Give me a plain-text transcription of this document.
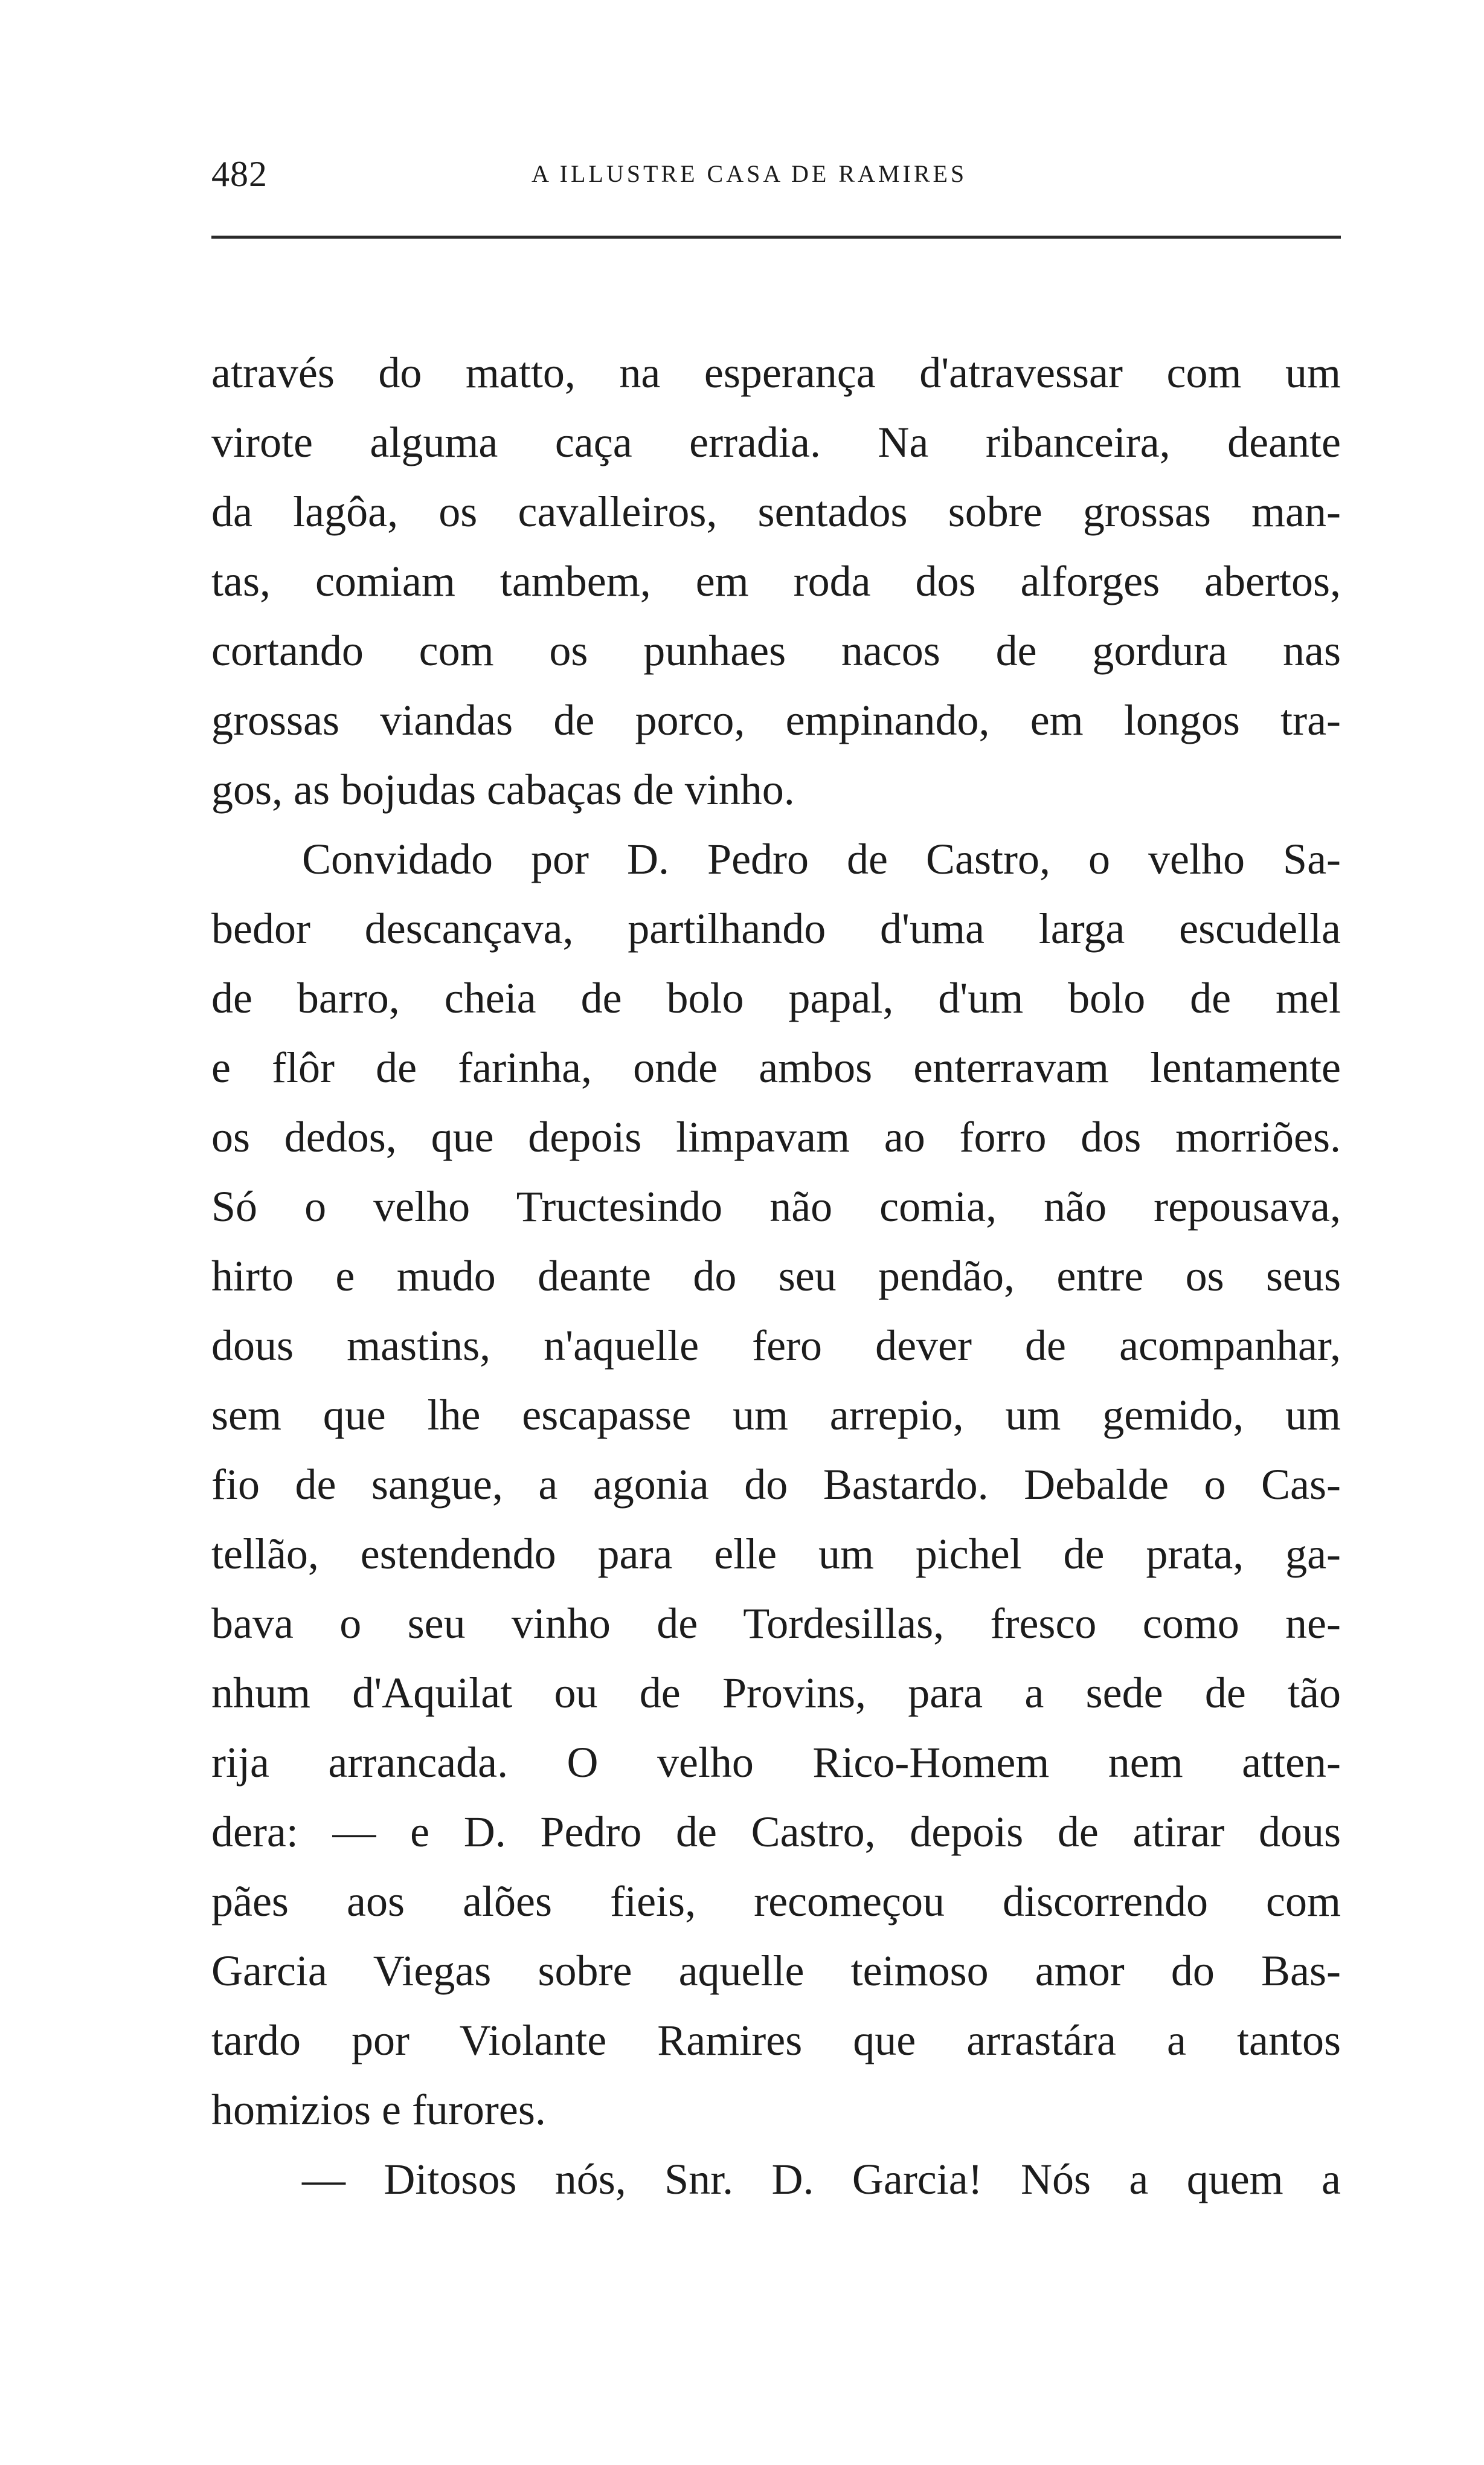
482	A ILLUSTRE CASA DE RAMIRES
através do matto, na esperança d'atravessar com um
virote alguma caça erradia. Na ribanceira, deante
da lagôa, os cavalleiros, sentados sobre grossas man-
tas, comiam tambem, em roda dos alforges abertos,
cortando com os punhaes nacos de gordura nas
grossas viandas de porco, empinando, em longos tra-
gos, as bojudas cabaças de vinho.
Convidado por D. Pedro de Castro, o velho Sa-
bedor descançava, partilhando d'uma larga escudella
de barro, cheia de bolo papal, d'um bolo de mel
e flôr de farinha, onde ambos enterravam lentamente
os dedos, que depois limpavam ao forro dos morriões.
Só o velho Tructesindo não comia, não repousava,
hirto e mudo deante do seu pendão, entre os seus
dous mastins, n'aquelle fero dever de acompanhar,
sem que lhe escapasse um arrepio, um gemido, um
fio de sangue, a agonia do Bastardo. Debalde o Cas-
tellão, estendendo para elle um pichel de prata, ga-
bava o seu vinho de Tordesillas, fresco como ne-
nhum d'Aquilat ou de Provins, para a sede de tão
rija arrancada. O velho Rico-Homem nem atten-
dera: — e D. Pedro de Castro, depois de atirar dous
pães aos alões fieis, recomeçou discorrendo com
Garcia Viegas sobre aquelle teimoso amor do Bas-
tardo por Violante Ramires que arrastára a tantos
homizios e furores.
— Ditosos nós, Snr. D. Garcia! Nós a quem a
